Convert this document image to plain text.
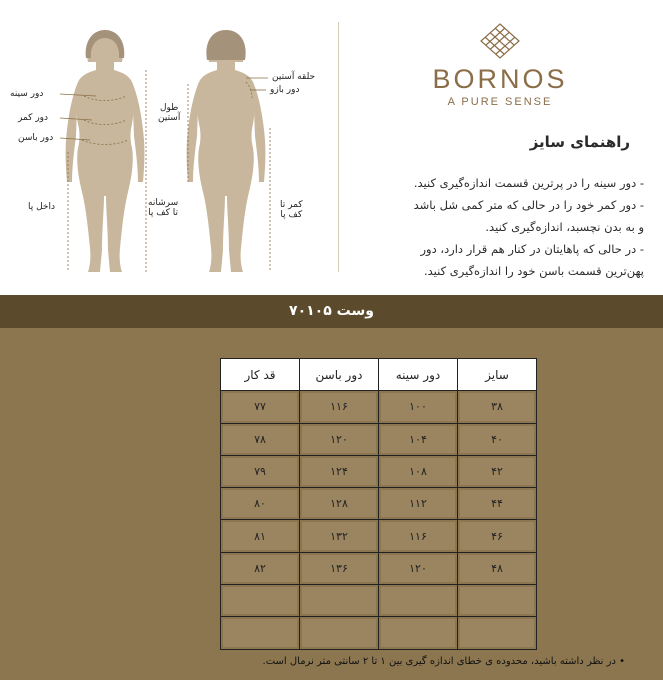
دور سینه
دور کمر
دور باسن
داخل پا	سرشانه
تا کف پا
طول
آستین
حلقه آستین
دور بازو
کمر تا
کف پا
BORNOS
A PURE SENSE
راهنمای سایز
- دور سینه را در پرترین قسمت اندازه‌گیری کنید.
- دور کمر خود را در حالی که متر کمی شل باشد
و به بدن نچسبد، اندازه‌گیری کنید.
- در حالی که پاهایتان در کنار هم قرار دارد، دور
پهن‌ترین قسمت باسن خود را اندازه‌گیری کنید.
وست ۷۰۱۰۵
سایز	دور سینه	دور باسن	قد کار
۳۸	۱۰۰	۱۱۶	۷۷
۴۰	۱۰۴	۱۲۰	۷۸
۴۲	۱۰۸	۱۲۴	۷۹
۴۴	۱۱۲	۱۲۸	۸۰
۴۶	۱۱۶	۱۳۲	۸۱
۴۸	۱۲۰	۱۳۶	۸۲

• در نظر داشته باشید، محدوده ی خطای اندازه گیری بین ۱ تا ۲ سانتی متر نرمال است.
